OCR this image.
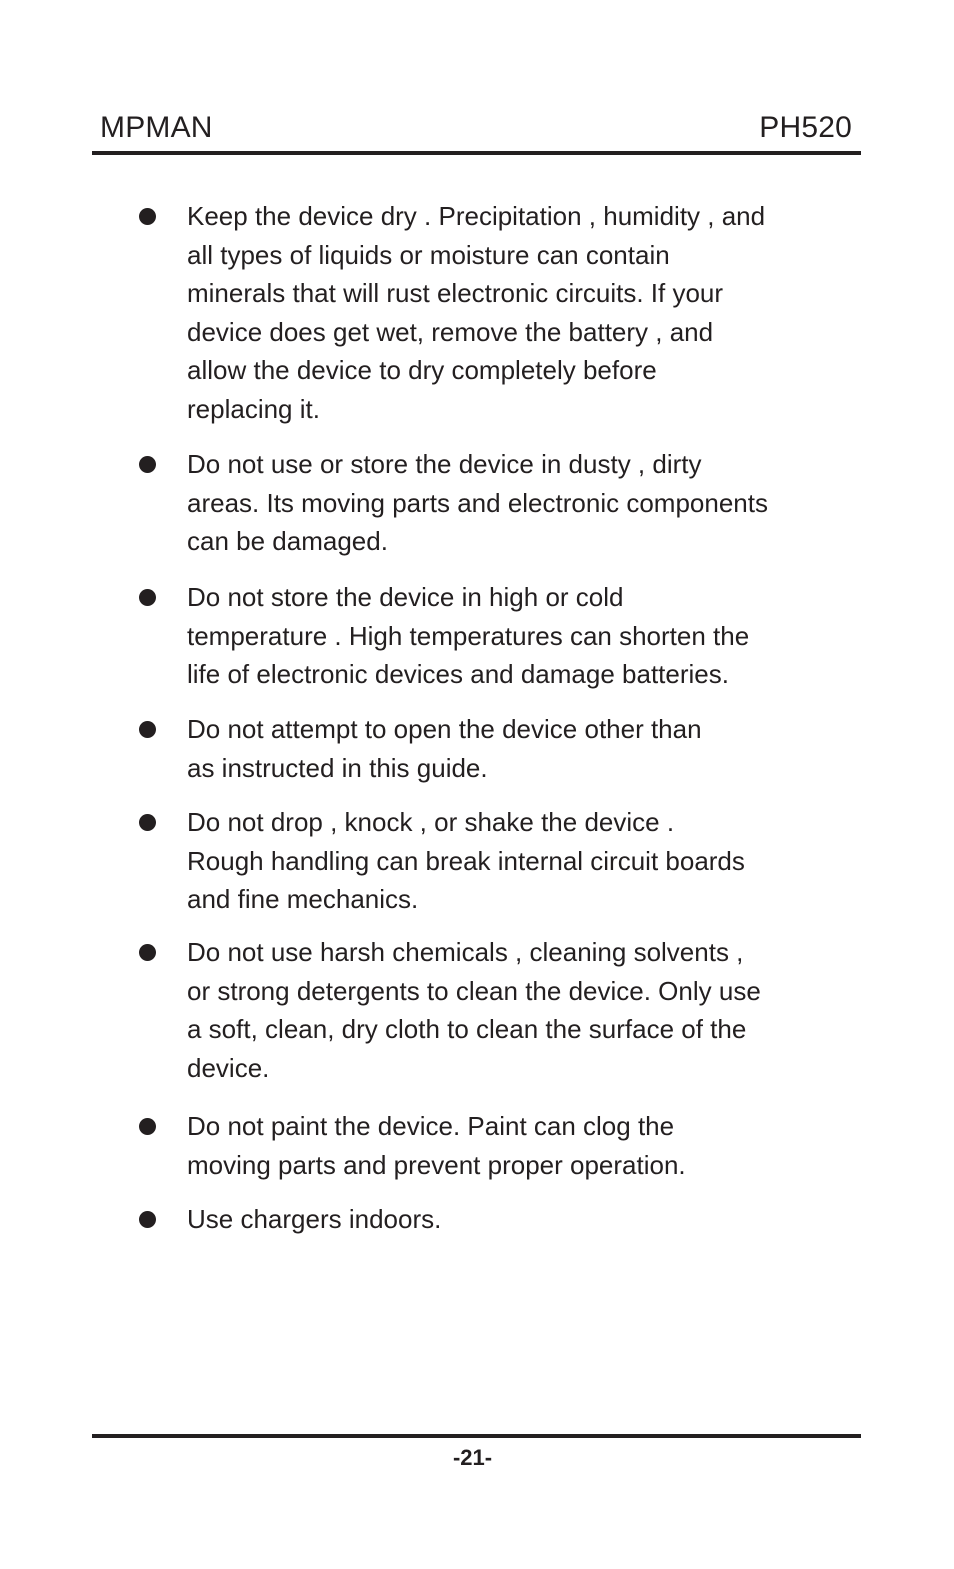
MPMAN	PH520
Keep the device dry . Precipitation , humidity , and
all types of liquids or moisture can contain
minerals that will rust electronic circuits. If your
device does get wet, remove the battery , and
allow the device to dry completely before
replacing it.
Do not use or store the device in dusty , dirty
areas. Its moving parts and electronic components
can be damaged.
Do not store the device in high or cold
temperature . High temperatures can shorten the
life of electronic devices and damage batteries.
Do not attempt to open the device other than
as instructed in this guide.
Do not drop , knock , or shake the device .
Rough handling can break internal circuit boards
and fine mechanics.
Do not use harsh chemicals , cleaning solvents ,
or strong detergents to clean the device. Only use
a soft, clean, dry cloth to clean the surface of the
device.
Do not paint the device. Paint can clog the
moving parts and prevent proper operation.
Use chargers indoors.
-21-
